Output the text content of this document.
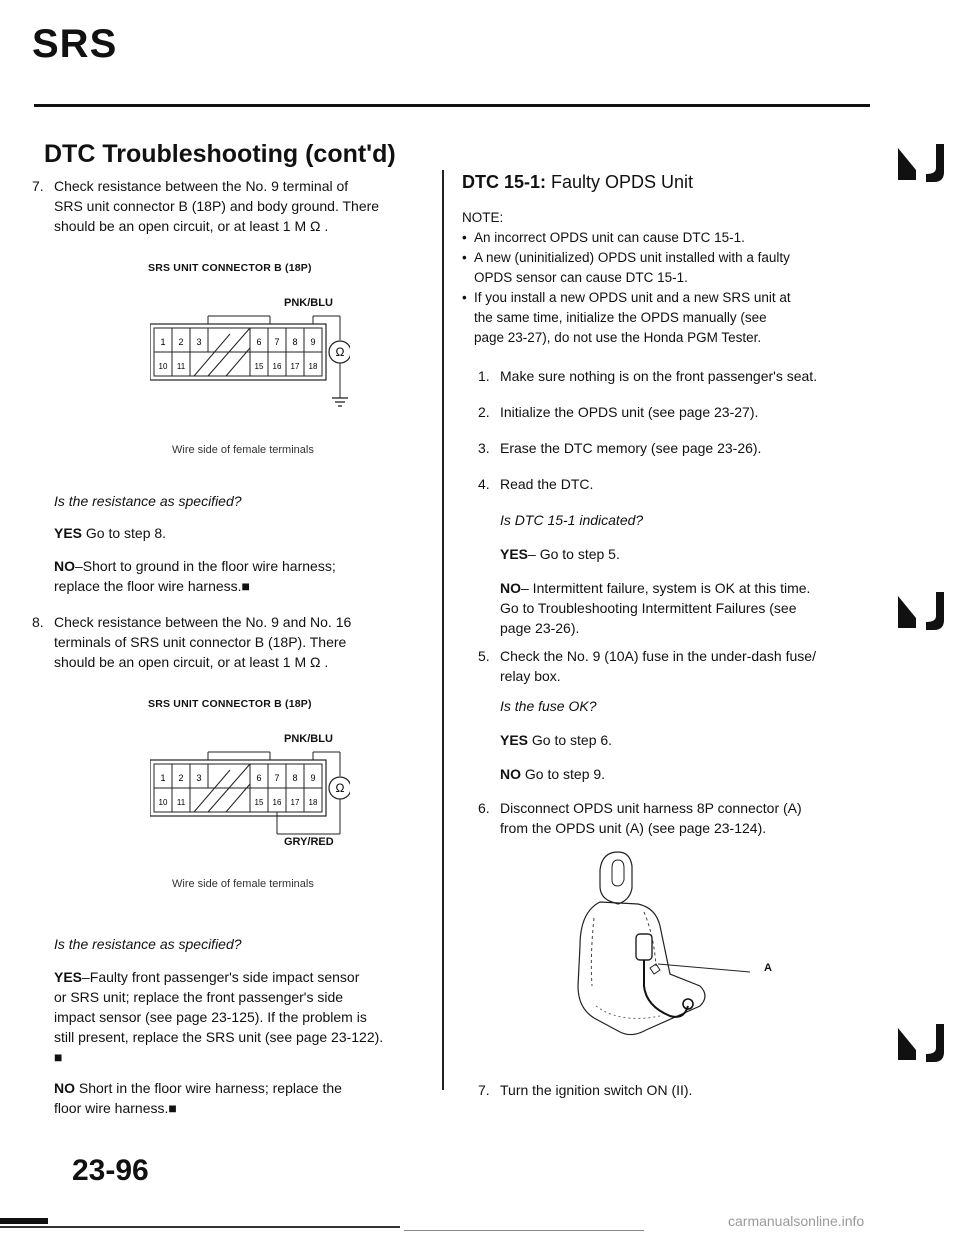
SRS
DTC Troubleshooting (cont'd)
7. Check resistance between the No. 9 terminal of
SRS unit connector B (18P) and body ground. There
should be an open circuit, or at least 1 M Ω .
SRS UNIT CONNECTOR B (18P)
PNK/BLU
1 2 3	6 7 8 9
10 11	15 16 17 18
Ω
Wire side of female terminals
Is the resistance as specified?
YES Go to step 8.
NO–Short to ground in the floor wire harness;
replace the floor wire harness.■
8. Check resistance between the No. 9 and No. 16
terminals of SRS unit connector B (18P). There
should be an open circuit, or at least 1 M Ω .
SRS UNIT CONNECTOR B (18P)
PNK/BLU
1 2 3	6 7 8 9
10 11	15 16 17 18
Ω
GRY/RED
Wire side of female terminals
Is the resistance as specified?
YES–Faulty front passenger's side impact sensor
or SRS unit; replace the front passenger's side
impact sensor (see page 23-125). If the problem is
still present, replace the SRS unit (see page 23-122).
■
NO Short in the floor wire harness; replace the
floor wire harness.■
DTC 15-1: Faulty OPDS Unit
NOTE:
• An incorrect OPDS unit can cause DTC 15-1.
• A new (uninitialized) OPDS unit installed with a faulty
OPDS sensor can cause DTC 15-1.
• If you install a new OPDS unit and a new SRS unit at
the same time, initialize the OPDS manually (see
page 23-27), do not use the Honda PGM Tester.
1. Make sure nothing is on the front passenger's seat.
2. Initialize the OPDS unit (see page 23-27).
3. Erase the DTC memory (see page 23-26).
4. Read the DTC.
Is DTC 15-1 indicated?
YES– Go to step 5.
NO– Intermittent failure, system is OK at this time.
Go to Troubleshooting Intermittent Failures (see
page 23-26).
5. Check the No. 9 (10A) fuse in the under-dash fuse/
relay box.
Is the fuse OK?
YES Go to step 6.
NO Go to step 9.
6. Disconnect OPDS unit harness 8P connector (A)
from the OPDS unit (A) (see page 23-124).
A
7. Turn the ignition switch ON (II).
23-96
carmanualsonline.info
